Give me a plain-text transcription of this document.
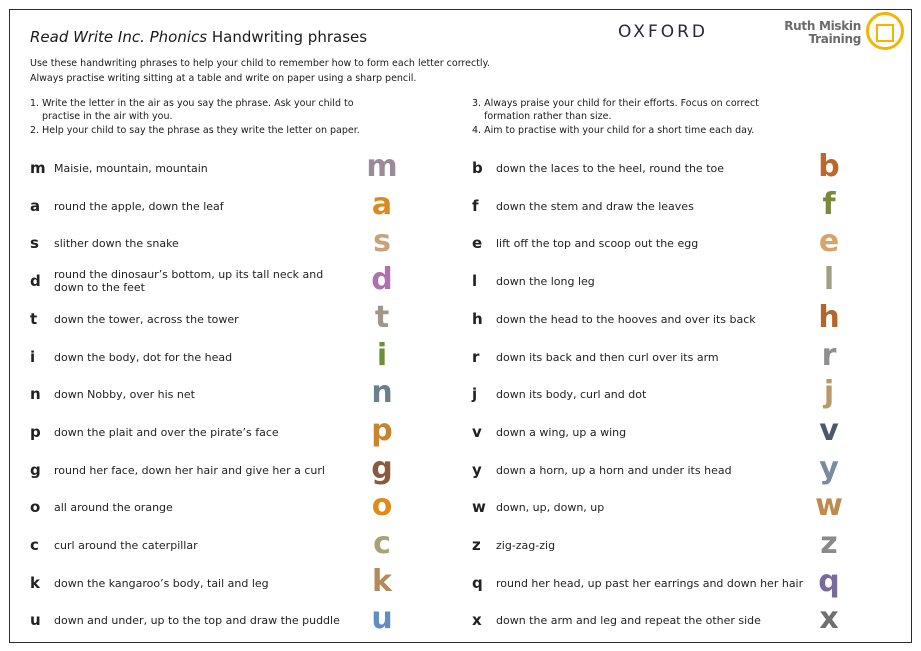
Read Write Inc. Phonics Handwriting phrases	OXFORD	Ruth Miskin
Training
Use these handwriting phrases to help your child to remember how to form each letter correctly.
Always practise writing sitting at a table and write on paper using a sharp pencil.
1. Write the letter in the air as you say the phrase. Ask your child to
practise in the air with you.
2. Help your child to say the phrase as they write the letter on paper.
3. Always praise your child for their efforts. Focus on correct
formation rather than size.
4. Aim to practise with your child for a short time each day.
m Maisie, mountain, mountain	m
a	round the apple, down the leaf	a
s	slither down the snake	s
d	round the dinosaur’s bottom, up its tall neck and down to the feet	d
t	down the tower, across the tower	t
i	down the body, dot for the head	i
n	down Nobby, over his net	n
p	down the plait and over the pirate’s face	p
g	round her face, down her hair and give her a curl g
o	all around the orange	o
c	curl around the caterpillar	c
k	down the kangaroo’s body, tail and leg	k
u	down and under, up to the top and draw the puddle u
b	down the laces to the heel, round the toe	b
f	down the stem and draw the leaves	f
e	lift off the top and scoop out the egg	e
l	down the long leg	l
h	down the head to the hooves and over its back h
r	down its back and then curl over its arm	r
j	down its body, curl and dot	j
v	down a wing, up a wing	v
y	down a horn, up a horn and under its head	y
w down, up, down, up	w
z	zig-zag-zig	z
q	round her head, up past her earrings and down her hair q
x	down the arm and leg and repeat the other side x
